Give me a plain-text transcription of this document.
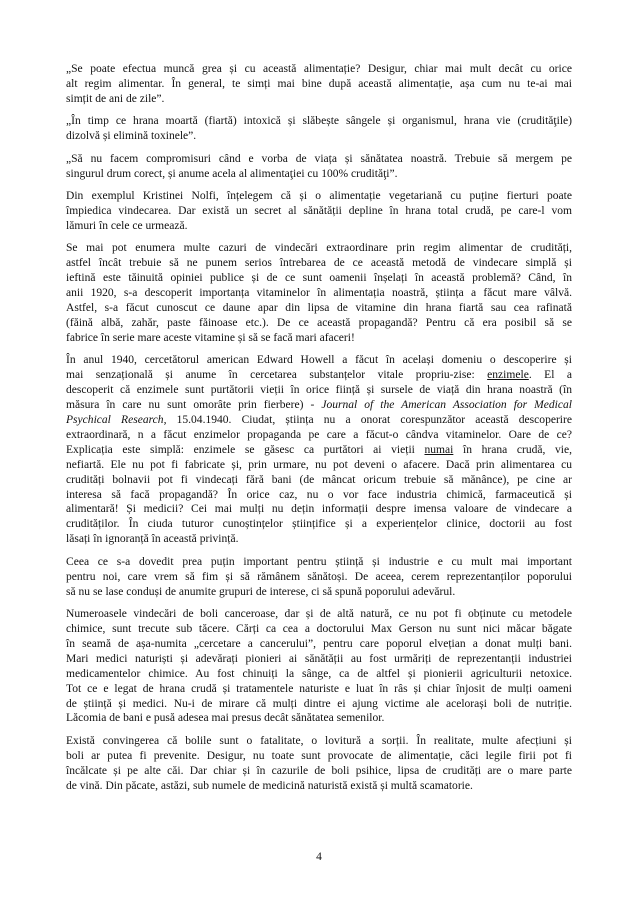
„Se poate efectua muncă grea și cu această alimentație? Desigur, chiar mai mult decât cu orice
alt regim alimentar. În general, te simți mai bine după această alimentație, așa cum nu te-ai mai
simțit de ani de zile”.

„În timp ce hrana moartă (fiartă) intoxică și slăbește sângele și organismul, hrana vie (crudităţile)
dizolvă și elimină toxinele”.

„Să nu facem compromisuri când e vorba de viața și sănătatea noastră. Trebuie să mergem pe
singurul drum corect, și anume acela al alimentaţiei cu 100% crudităţi”.

Din exemplul Kristinei Nolfi, înțelegem că și o alimentație vegetariană cu puține fierturi poate
împiedica vindecarea. Dar există un secret al sănătății depline în hrana total crudă, pe care-l vom
lămuri în cele ce urmează.

Se mai pot enumera multe cazuri de vindecări extraordinare prin regim alimentar de crudități,
astfel încât trebuie să ne punem serios întrebarea de ce această metodă de vindecare simplă și
ieftină este tăinuită opiniei publice și de ce sunt oamenii înșelați în această problemă? Când, în
anii 1920, s-a descoperit importanța vitaminelor în alimentația noastră, știința a făcut mare vâlvă.
Astfel, s-a făcut cunoscut ce daune apar din lipsa de vitamine din hrana fiartă sau cea rafinată
(făină albă, zahăr, paste făinoase etc.). De ce această propagandă? Pentru că era posibil să se
fabrice în serie mare aceste vitamine și să se facă mari afaceri!

În anul 1940, cercetătorul american Edward Howell a făcut în același domeniu o descoperire și
mai senzațională și anume în cercetarea substanțelor vitale propriu-zise: enzimele. El a
descoperit că enzimele sunt purtătorii vieții în orice ființă și sursele de viață din hrana noastră (în
măsura în care nu sunt omorâte prin fierbere) - Journal of the American Association for Medical
Psychical Research, 15.04.1940. Ciudat, știința nu a onorat corespunzător această descoperire
extraordinară, n a făcut enzimelor propaganda pe care a făcut-o cândva vitaminelor. Oare de ce?
Explicația este simplă: enzimele se găsesc ca purtători ai vieții numai în hrana crudă, vie,
nefiartă. Ele nu pot fi fabricate și, prin urmare, nu pot deveni o afacere. Dacă prin alimentarea cu
crudități bolnavii pot fi vindecați fără bani (de mâncat oricum trebuie să mănânce), pe cine ar
interesa să facă propagandă? În orice caz, nu o vor face industria chimică, farmaceutică și
alimentară! Și medicii? Cei mai mulți nu dețin informații despre imensa valoare de vindecare a
crudităților. În ciuda tuturor cunoștințelor științifice și a experiențelor clinice, doctorii au fost
lăsați în ignoranță în această privință.

Ceea ce s-a dovedit prea puțin important pentru știință și industrie e cu mult mai important
pentru noi, care vrem să fim și să rămânem sănătoși. De aceea, cerem reprezentanților poporului
să nu se lase conduși de anumite grupuri de interese, ci să spună poporului adevărul.

Numeroasele vindecări de boli canceroase, dar și de altă natură, ce nu pot fi obținute cu metodele
chimice, sunt trecute sub tăcere. Cărți ca cea a doctorului Max Gerson nu sunt nici măcar băgate
în seamă de așa-numita „cercetare a cancerului”, pentru care poporul elvețian a donat mulți bani.
Mari medici naturiști și adevărați pionieri ai sănătății au fost urmăriți de reprezentanții industriei
medicamentelor chimice. Au fost chinuiți la sânge, ca de altfel și pionierii agriculturii netoxice.
Tot ce e legat de hrana crudă și tratamentele naturiste e luat în râs și chiar înjosit de mulți oameni
de știință și medici. Nu-i de mirare că mulți dintre ei ajung victime ale acelorași boli de nutriție.
Lăcomia de bani e pusă adesea mai presus decât sănătatea semenilor.

Există convingerea că bolile sunt o fatalitate, o lovitură a sorții. În realitate, multe afecțiuni și
boli ar putea fi prevenite. Desigur, nu toate sunt provocate de alimentație, căci legile firii pot fi
încălcate și pe alte căi. Dar chiar și în cazurile de boli psihice, lipsa de crudități are o mare parte
de vină. Din păcate, astăzi, sub numele de medicină naturistă există și multă scamatorie.

4
